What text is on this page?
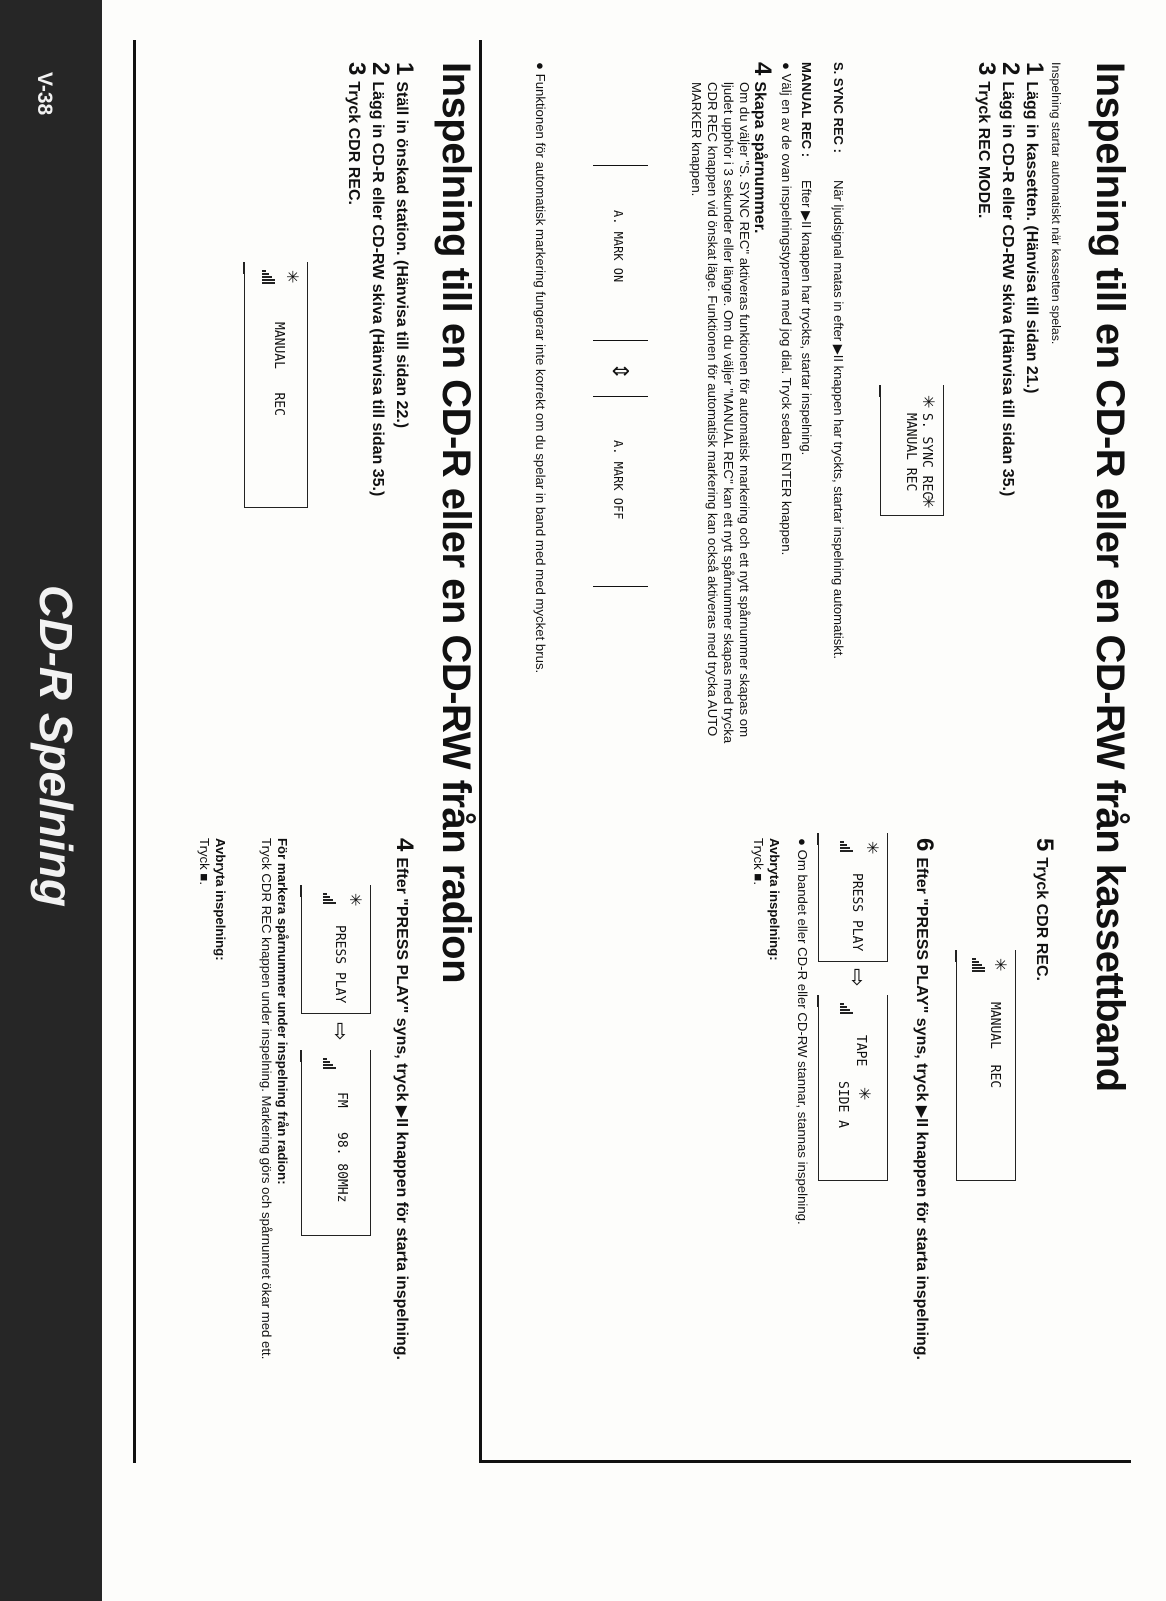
Inspelning till en CD-R eller en CD-RW från kassettband
Inspelning startar automatiskt när kassetten spelas.
1Lägg in kassetten. (Hänvisa till sidan 21.)
2Lägg in CD-R eller CD-RW skiva (Hänvisa till sidan 35.)
3Tryck REC MODE.
✳
S. SYNC REC
✳
MANUAL REC
S. SYNC REC :
När ljudsignal matas in efter ▶II knappen har tryckts, startar inspelning automatiskt.
MANUAL REC :
Efter ▶II knappen har tryckts, startar inspelning.
● Välj en av de ovan inspelningstyperna med jog dial. Tryck sedan ENTER knappen.
4Skapa spårnummer.
Om du väljer "S. SYNC REC" aktiveras funktionen för automatisk markering och ett nytt spårnummer skapas om ljudet upphör i 3 sekunder eller längre. Om du väljer "MANUAL REC" kan ett nytt spårnummer skapas med trycka CDR REC knappen vid önskat läge. Funktionen för automatisk markering kan också aktiveras med trycka AUTO MARKER knappen.
A. MARK ON
⇕
A. MARK OFF
● Funktionen för automatisk markering fungerar inte korrekt om du spelar in band med med mycket brus.
5Tryck CDR REC.
✳
MANUAL  REC
6Efter "PRESS PLAY" syns, tryck ▶II knappen för starta inspelning.
✳
PRESS PLAY
⇨
TAPE
✳
SIDE A
● Om bandet eller CD-R eller CD-RW stannar, stannas inspelning.
Avbryta inspelning:
Tryck ■.
Inspelning till en CD-R eller en CD-RW från radion
1Ställ in önskad station. (Hänvisa till sidan 22.)
2Lägg in CD-R eller CD-RW skiva (Hänvisa till sidan 35.)
3Tryck CDR REC.
✳
MANUAL   REC
4Efter "PRESS PLAY" syns, tryck ▶II knappen för starta inspelning.
✳
PRESS PLAY
⇨
FM
98. 80MHz
För markera spårnummer under inspelning från radion:
Tryck CDR REC knappen under inspelning. Markering görs och spårnumret ökar med ett.
Avbryta inspelning:
Tryck ■.
CD-R Spelning
V-38
